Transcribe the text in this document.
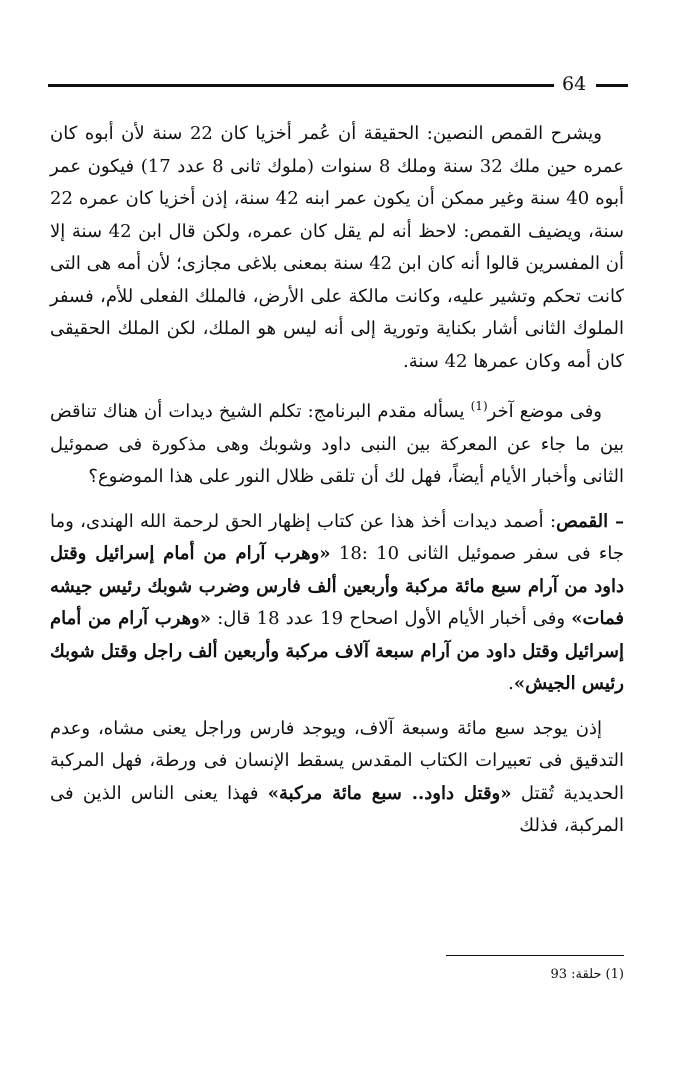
64

ويشرح القمص النصين: الحقيقة أن عُمر أخزيا كان 22 سنة لأن أبوه كان عمره حين ملك 32 سنة وملك 8 سنوات (ملوك ثانى 8 عدد 17) فيكون عمر أبوه 40 سنة وغير ممكن أن يكون عمر ابنه 42 سنة، إذن أخزيا كان عمره 22 سنة، ويضيف القمص: لاحظ أنه لم يقل كان عمره، ولكن قال ابن 42 سنة إلا أن المفسرين قالوا أنه كان ابن 42 سنة بمعنى بلاغى مجازى؛ لأن أمه هى التى كانت تحكم وتشير عليه، وكانت مالكة على الأرض، فالملك الفعلى للأم، فسفر الملوك الثانى أشار بكناية وتورية إلى أنه ليس هو الملك، لكن الملك الحقيقى كان أمه وكان عمرها 42 سنة.

وفى موضع آخر$^{(1)}$ يسأله مقدم البرنامج: تكلم الشيخ ديدات أن هناك تناقض بين ما جاء عن المعركة بين النبى داود وشوبك وهى مذكورة فى صموئيل الثانى وأخبار الأيام أيضاً، فهل لك أن تلقى ظلال النور على هذا الموضوع؟

– القمص: أصمد ديدات أخذ هذا عن كتاب إظهار الحق لرحمة الله الهندى، وما جاء فى سفر صموئيل الثانى 10 :18 «وهرب آرام من أمام إسرائيل وقتل داود من آرام سبع مائة مركبة وأربعين ألف فارس وضرب شوبك رئيس جيشه فمات» وفى أخبار الأيام الأول اصحاح 19 عدد 18 قال: «وهرب آرام من أمام إسرائيل وقتل داود من آرام سبعة آلاف مركبة وأربعين ألف راجل وقتل شوبك رئيس الجيش».

إذن يوجد سبع مائة وسبعة آلاف، ويوجد فارس وراجل يعنى مشاه، وعدم التدقيق فى تعبيرات الكتاب المقدس يسقط الإنسان فى ورطة، فهل المركبة الحديدية تُقتل «وقتل داود.. سبع مائة مركبة» فهذا يعنى الناس الذين فى المركبة، فذلك

(1) حلقة: 93
